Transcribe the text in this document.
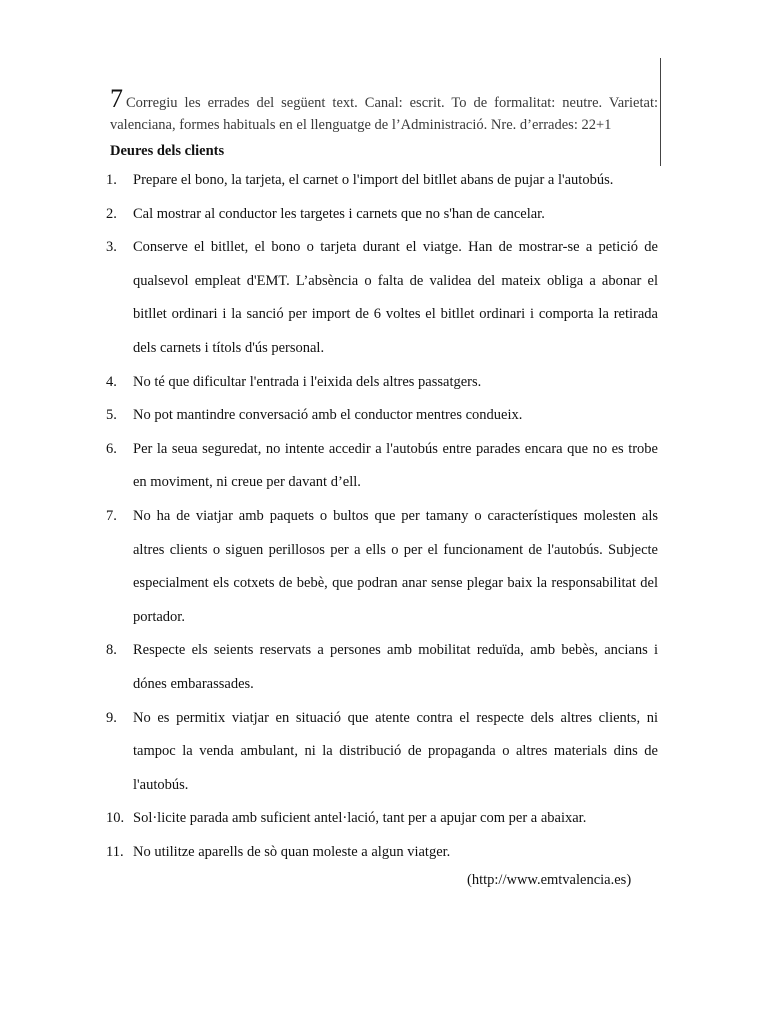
7 Corregiu les errades del següent text. Canal: escrit. To de formalitat: neutre. Varietat: valenciana, formes habituals en el llenguatge de l’Administració. Nre. d’errades: 22+1
Deures dels clients
1. Prepare el bono, la tarjeta, el carnet o l'import del bitllet abans de pujar a l'autobús.
2. Cal mostrar al conductor les targetes i carnets que no s'han de cancelar.
3. Conserve el bitllet, el bono o tarjeta durant el viatge. Han de mostrar-se a petició de qualsevol empleat d'EMT. L’absència o falta de validea del mateix obliga a abonar el bitllet ordinari i la sanció per import de 6 voltes el bitllet ordinari i comporta la retirada dels carnets i títols d'ús personal.
4. No té que dificultar l'entrada i l'eixida dels altres passatgers.
5. No pot mantindre conversació amb el conductor mentres condueix.
6. Per la seua seguredat, no intente accedir a l'autobús entre parades encara que no es trobe en moviment, ni creue per davant d’ell.
7. No ha de viatjar amb paquets o bultos que per tamany o característiques molesten als altres clients o siguen perillosos per a ells o per el funcionament de l'autobús. Subjecte especialment els cotxets de bebè, que podran anar sense plegar baix la responsabilitat del portador.
8. Respecte els seients reservats a persones amb mobilitat reduïda, amb bebès, ancians i dónes embarassades.
9. No es permitix viatjar en situació que atente contra el respecte dels altres clients, ni tampoc la venda ambulant, ni la distribució de propaganda o altres materials dins de l'autobús.
10. Sol·licite parada amb suficient antel·lació, tant per a apujar com per a abaixar.
11. No utilitze aparells de sò quan moleste a algun viatger.
(http://www.emtvalencia.es)
